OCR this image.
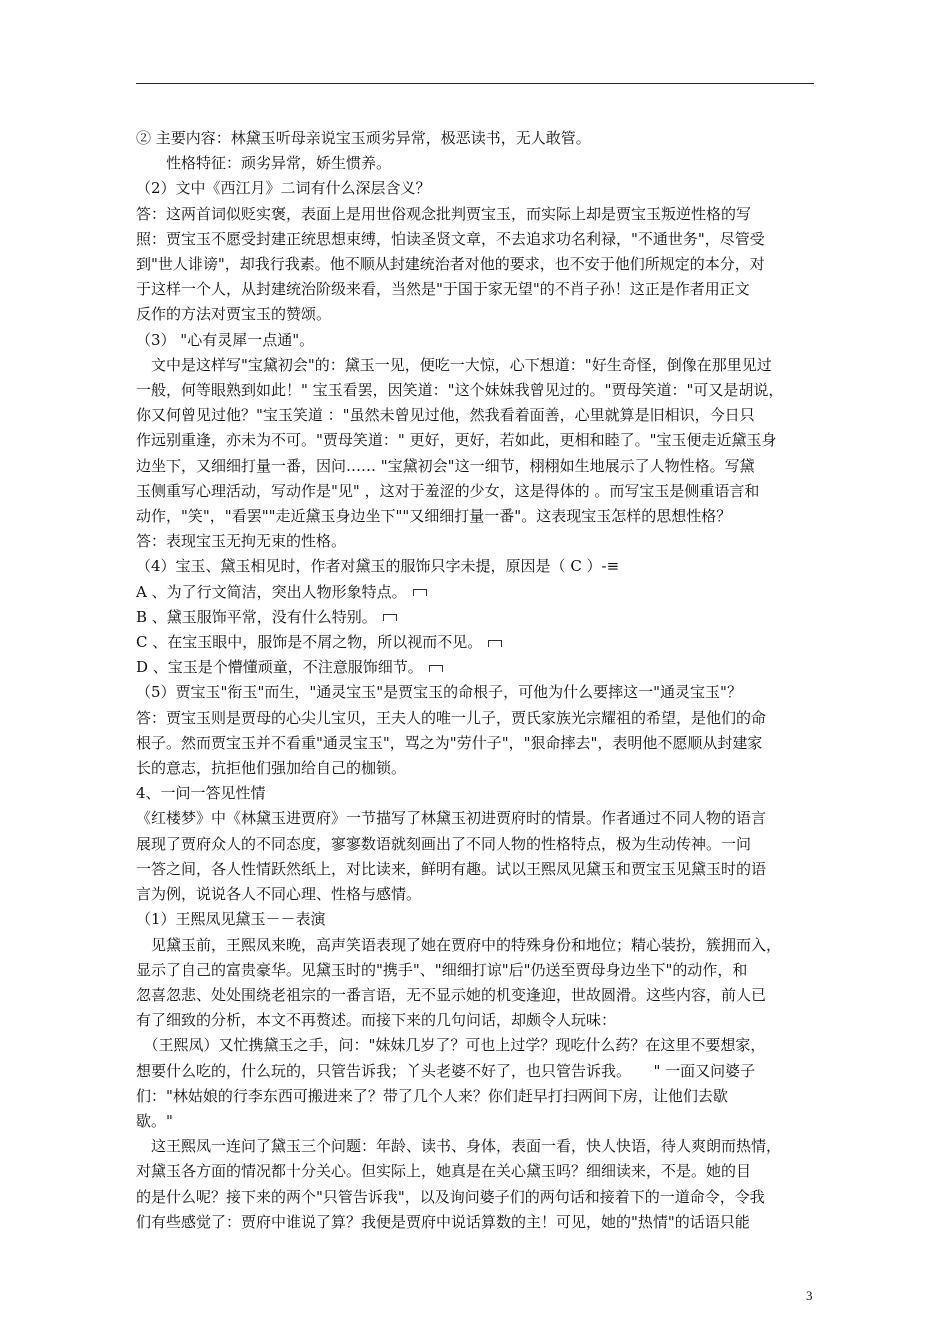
② 主要内容：林黛玉听母亲说宝玉顽劣异常，极恶读书，无人敢管。

　　性格特征：顽劣异常，娇生惯养。

（2）文中《西江月》二词有什么深层含义？

答：这两首词似贬实褒，表面上是用世俗观念批判贾宝玉，而实际上却是贾宝玉叛逆性格的写

照：贾宝玉不愿受封建正统思想束缚，怕读圣贤文章，不去追求功名利禄，"不通世务"，尽管受

到"世人诽谤"，却我行我素。他不顺从封建统治者对他的要求，也不安于他们所规定的本分，对

于这样一个人，从封建统治阶级来看，当然是"于国于家无望"的不肖子孙！这正是作者用正文

反作的方法对贾宝玉的赞颂。

（3） "心有灵犀一点通"。

　文中是这样写"宝黛初会"的：黛玉一见，便吃一大惊，心下想道："好生奇怪，倒像在那里见过

一般，何等眼熟到如此！" 宝玉看罢，因笑道："这个妹妹我曾见过的。"贾母笑道："可又是胡说，

你又何曾见过他？"宝玉笑道 ："虽然未曾见过他，然我看着面善，心里就算是旧相识，今日只

作远别重逢，亦未为不可。"贾母笑道：" 更好，更好，若如此，更相和睦了。"宝玉便走近黛玉身

边坐下，又细细打量一番，因问…… "宝黛初会"这一细节，栩栩如生地展示了人物性格。写黛

玉侧重写心理活动，写动作是"见" ，这对于羞涩的少女，这是得体的 。而写宝玉是侧重语言和

动作，"笑"，"看罢""走近黛玉身边坐下""又细细打量一番"。这表现宝玉怎样的思想性格？

答：表现宝玉无拘无束的性格。

（4）宝玉、黛玉相见时，作者对黛玉的服饰只字未提，原因是（ C ）-≡

A 、为了行文简洁，突出人物形象特点。

B 、黛玉服饰平常，没有什么特别。

C 、在宝玉眼中，服饰是不屑之物，所以视而不见。

D 、宝玉是个懵懂顽童，不注意服饰细节。

（5）贾宝玉"衔玉"而生，"通灵宝玉"是贾宝玉的命根子，可他为什么要摔这一"通灵宝玉"？

答：贾宝玉则是贾母的心尖儿宝贝，王夫人的唯一儿子，贾氏家族光宗耀祖的希望，是他们的命

根子。然而贾宝玉并不看重"通灵宝玉"，骂之为"劳什子"，"狠命摔去"，表明他不愿顺从封建家

长的意志，抗拒他们强加给自己的枷锁。

4、一问一答见性情

《红楼梦》中《林黛玉进贾府》一节描写了林黛玉初进贾府时的情景。作者通过不同人物的语言

展现了贾府众人的不同态度，寥寥数语就刻画出了不同人物的性格特点，极为生动传神。一问

一答之间，各人性情跃然纸上，对比读来，鲜明有趣。试以王熙凤见黛玉和贾宝玉见黛玉时的语

言为例，说说各人不同心理、性格与感情。

（1）王熙凤见黛玉－－表演

　见黛玉前，王熙凤来晚，高声笑语表现了她在贾府中的特殊身份和地位；精心装扮，簇拥而入，

显示了自己的富贵豪华。见黛玉时的"携手"、"细细打谅"后"仍送至贾母身边坐下"的动作，和

忽喜忽悲、处处围绕老祖宗的一番言语，无不显示她的机变逢迎，世故圆滑。这些内容，前人已

有了细致的分析，本文不再赘述。而接下来的几句问话，却颇令人玩味：

　（王熙凤）又忙携黛玉之手，问："妹妹几岁了？可也上过学？现吃什么药？在这里不要想家，

想要什么吃的，什么玩的，只管告诉我；丫头老婆不好了，也只管告诉我。　　" 一面又问婆子

们："林姑娘的行李东西可搬进来了？带了几个人来？你们赶早打扫两间下房，让他们去歇

歇。"

　这王熙凤一连问了黛玉三个问题：年龄、读书、身体，表面一看，快人快语，待人爽朗而热情，

对黛玉各方面的情况都十分关心。但实际上，她真是在关心黛玉吗？细细读来，不是。她的目

的是什么呢？接下来的两个"只管告诉我"，以及询问婆子们的两句话和接着下的一道命令，令我

们有些感觉了：贾府中谁说了算？我便是贾府中说话算数的主！可见，她的"热情"的话语只能

3
